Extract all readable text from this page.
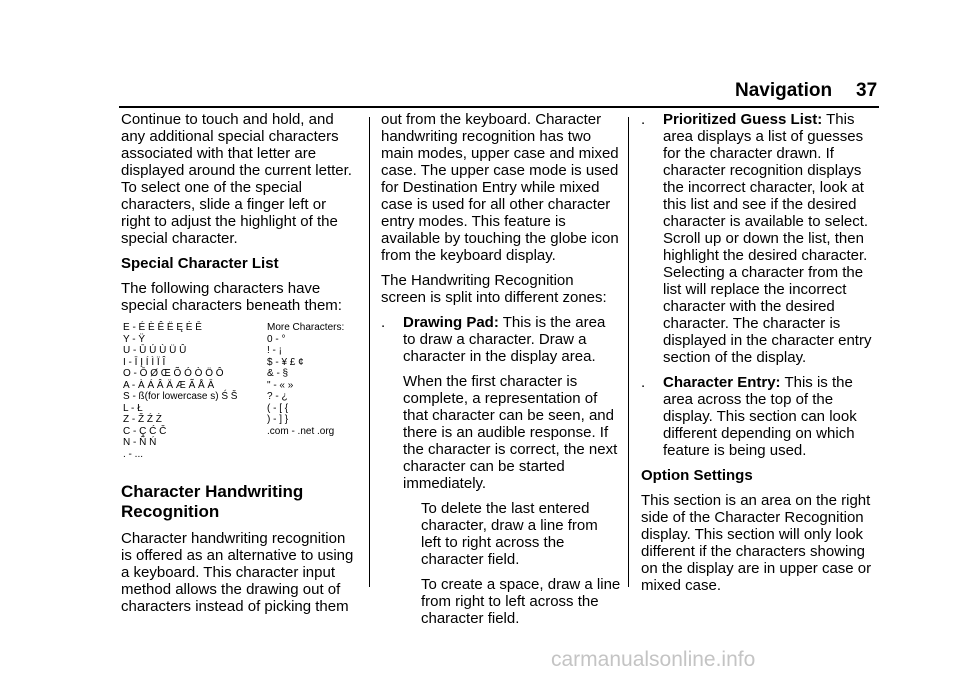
Navigation 37

Continue to touch and hold, and any additional special characters associated with that letter are displayed around the current letter. To select one of the special characters, slide a finger left or right to adjust the highlight of the special character.

Special Character List

The following characters have special characters beneath them:

E - É È Ê Ë Ę Ė Ē
Y - Ÿ
U - Ū Ú Ù Ü Û
I - Ī Į Í Ì Ï Î
O - Ō Ø Œ Õ Ó Ò Ö Ô
A - À Á Â Ä Æ Ã Å Ā
S - ß(for lowercase s) Ś Š
L - Ł
Z - Ž Ź Ż
C - Ç Ć Č
N - Ñ Ń
. - ...
More Characters:
0 - °
! - ¡
$ - ¥ £ ¢
& - §
" - « »
? - ¿
( - [ {
) - ] }
.com - .net .org
Character Handwriting Recognition

Character handwriting recognition is offered as an alternative to using a keyboard. This character input method allows the drawing out of characters instead of picking them

out from the keyboard. Character handwriting recognition has two main modes, upper case and mixed case. The upper case mode is used for Destination Entry while mixed case is used for all other character entry modes. This feature is available by touching the globe icon from the keyboard display.

The Handwriting Recognition screen is split into different zones:

. Drawing Pad: This is the area to draw a character. Draw a character in the display area.

When the first character is complete, a representation of that character can be seen, and there is an audible response. If the character is correct, the next character can be started immediately.

To delete the last entered character, draw a line from left to right across the character field.

To create a space, draw a line from right to left across the character field.

. Prioritized Guess List: This area displays a list of guesses for the character drawn. If character recognition displays the incorrect character, look at this list and see if the desired character is available to select. Scroll up or down the list, then highlight the desired character. Selecting a character from the list will replace the incorrect character with the desired character. The character is displayed in the character entry section of the display.
. Character Entry: This is the area across the top of the display. This section can look different depending on which feature is being used.

Option Settings

This section is an area on the right side of the Character Recognition display. This section will only look different if the characters showing on the display are in upper case or mixed case.

carmanualsonline.info
